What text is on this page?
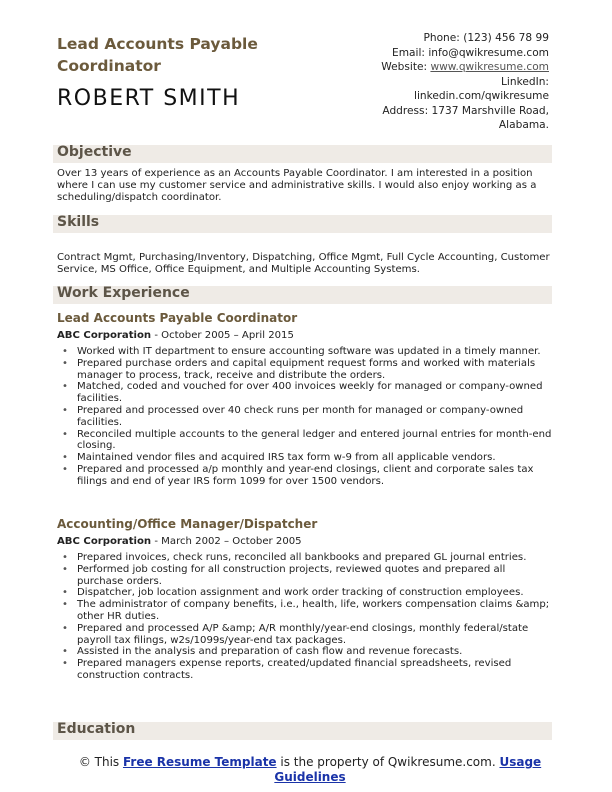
Lead Accounts Payable Coordinator
ROBERT SMITH
Phone: (123) 456 78 99
Email: info@qwikresume.com
Website: www.qwikresume.com
LinkedIn:
linkedin.com/qwikresume
Address: 1737 Marshville Road,
Alabama.
Objective

Over 13 years of experience as an Accounts Payable Coordinator. I am interested in a position where I can use my customer service and administrative skills. I would also enjoy working as a scheduling/dispatch coordinator.

Skills

Contract Mgmt, Purchasing/Inventory, Dispatching, Office Mgmt, Full Cycle Accounting, Customer Service, MS Office, Office Equipment, and Multiple Accounting Systems.

Work Experience
Lead Accounts Payable Coordinator
ABC Corporation - October 2005 – April 2015
• Worked with IT department to ensure accounting software was updated in a timely manner.
• Prepared purchase orders and capital equipment request forms and worked with materials manager to process, track, receive and distribute the orders.
• Matched, coded and vouched for over 400 invoices weekly for managed or company-owned facilities.
• Prepared and processed over 40 check runs per month for managed or company-owned facilities.
• Reconciled multiple accounts to the general ledger and entered journal entries for month-end closing.
• Maintained vendor files and acquired IRS tax form w-9 from all applicable vendors.
• Prepared and processed a/p monthly and year-end closings, client and corporate sales tax filings and end of year IRS form 1099 for over 1500 vendors.
Accounting/Office Manager/Dispatcher
ABC Corporation - March 2002 – October 2005
• Prepared invoices, check runs, reconciled all bankbooks and prepared GL journal entries.
• Performed job costing for all construction projects, reviewed quotes and prepared all purchase orders.
• Dispatcher, job location assignment and work order tracking of construction employees.
• The administrator of company benefits, i.e., health, life, workers compensation claims &amp; other HR duties.
• Prepared and processed A/P &amp; A/R monthly/year-end closings, monthly federal/state payroll tax filings, w2s/1099s/year-end tax packages.
• Assisted in the analysis and preparation of cash flow and revenue forecasts.
• Prepared managers expense reports, created/updated financial spreadsheets, revised construction contracts.
Education
© This Free Resume Template is the property of Qwikresume.com. Usage Guidelines
